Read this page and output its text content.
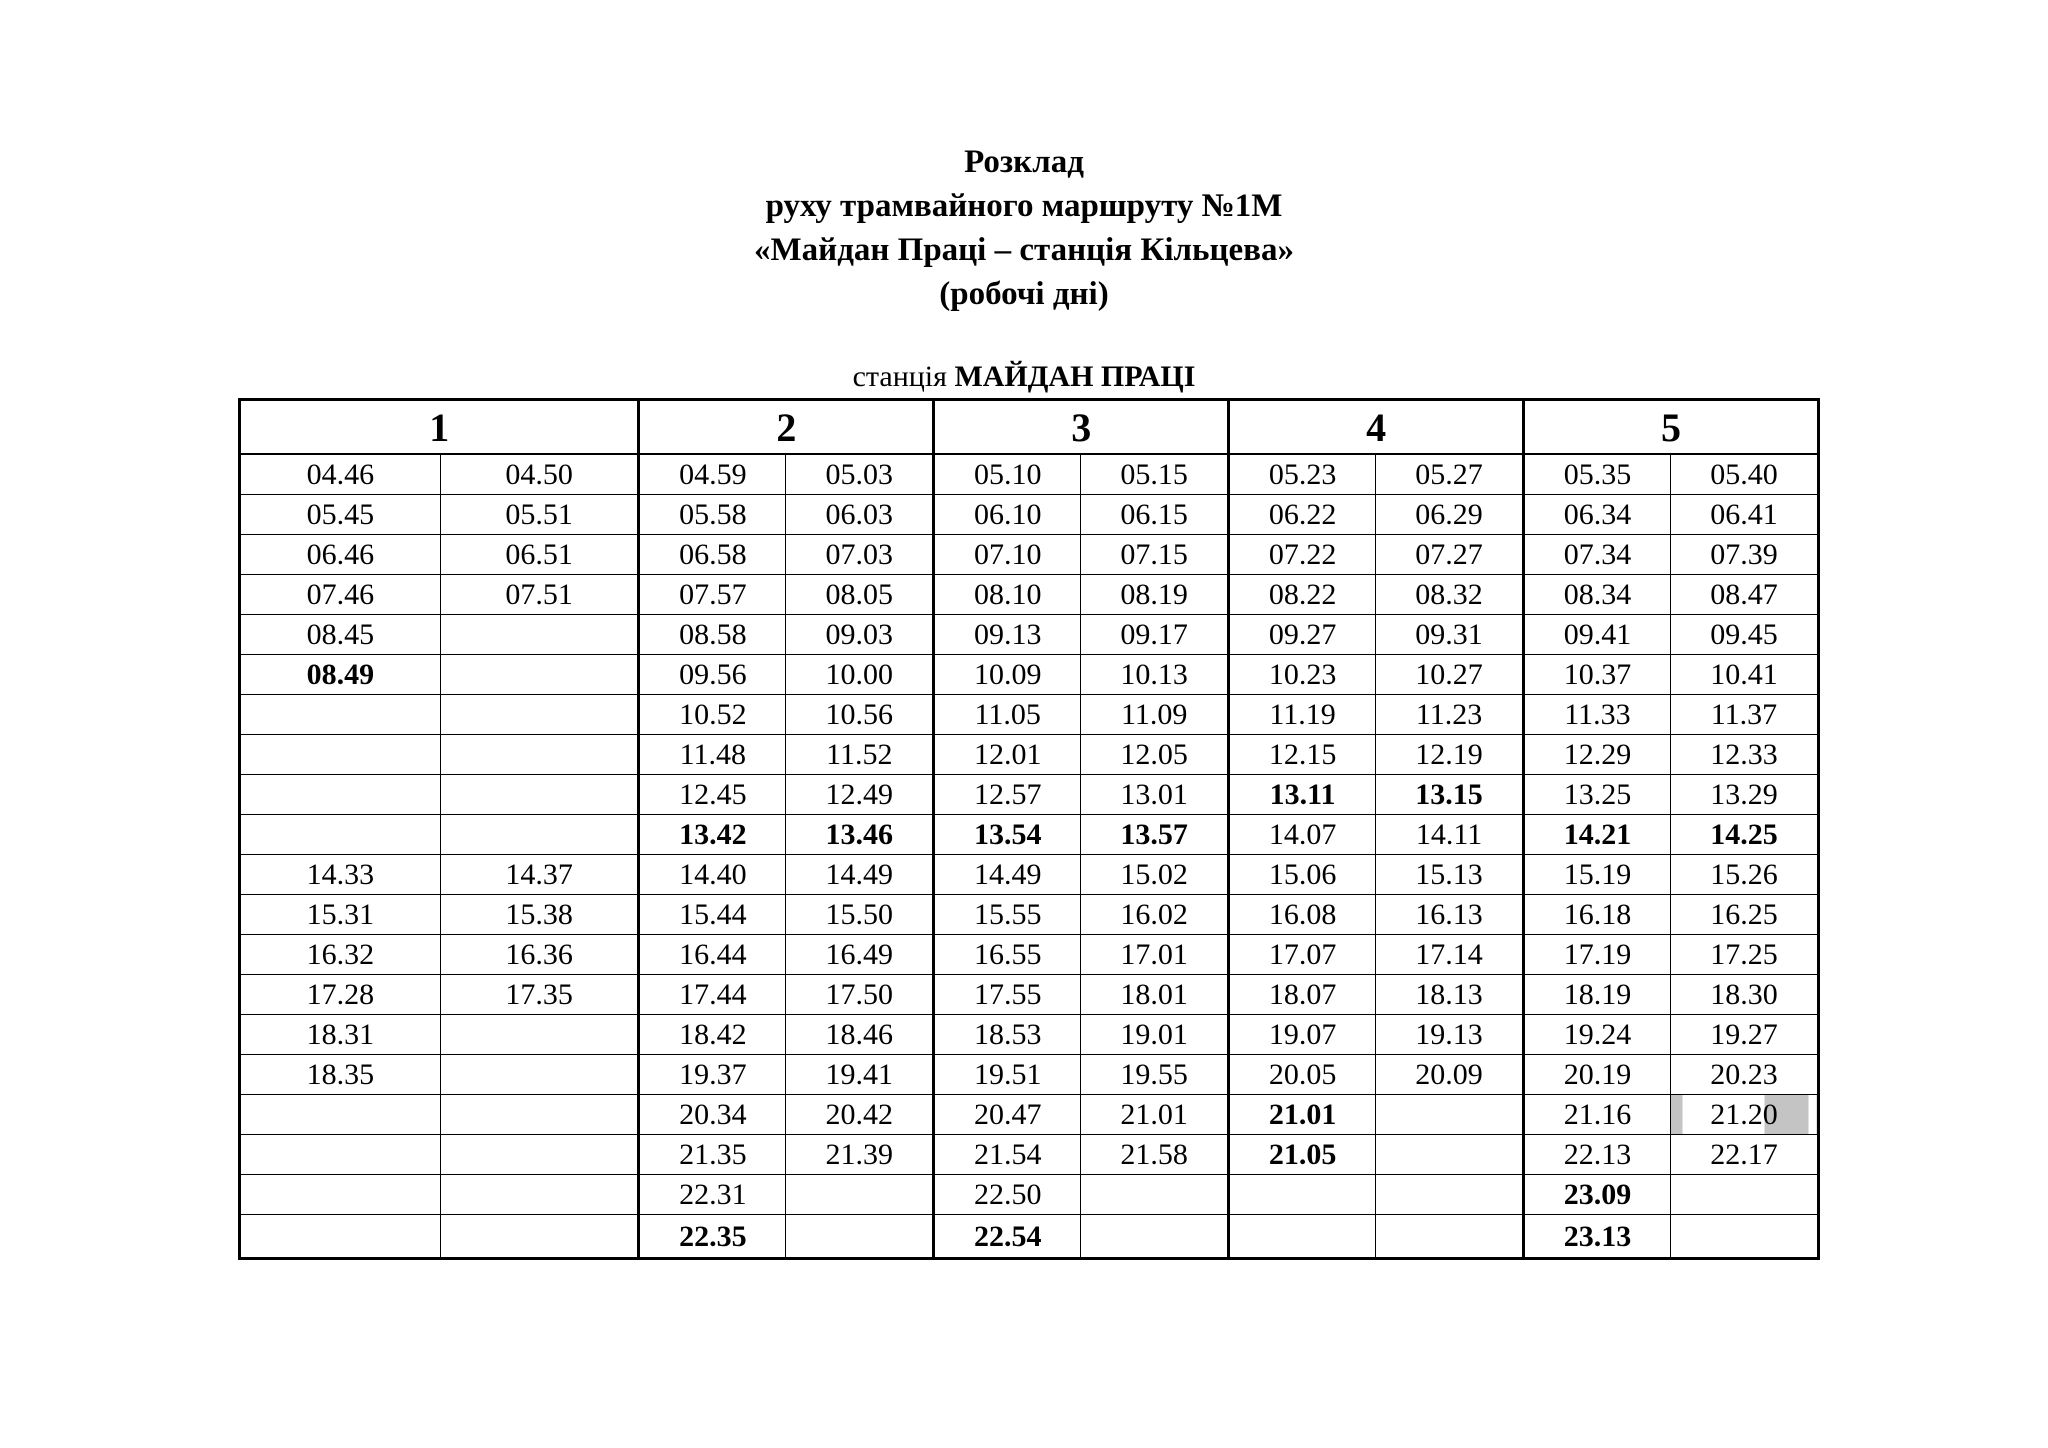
Розклад
руху трамвайного маршруту №1М
«Майдан Праці – станція Кільцева»
(робочі дні)
станція МАЙДАН ПРАЦІ
1		2		3		4		5	
04.46	04.50	04.59	05.03	05.10	05.15	05.23	05.27	05.35	05.40
05.45	05.51	05.58	06.03	06.10	06.15	06.22	06.29	06.34	06.41
06.46	06.51	06.58	07.03	07.10	07.15	07.22	07.27	07.34	07.39
07.46	07.51	07.57	08.05	08.10	08.19	08.22	08.32	08.34	08.47
08.45		08.58	09.03	09.13	09.17	09.27	09.31	09.41	09.45
08.49		09.56	10.00	10.09	10.13	10.23	10.27	10.37	10.41
		10.52	10.56	11.05	11.09	11.19	11.23	11.33	11.37
		11.48	11.52	12.01	12.05	12.15	12.19	12.29	12.33
		12.45	12.49	12.57	13.01	13.11	13.15	13.25	13.29
		13.42	13.46	13.54	13.57	14.07	14.11	14.21	14.25
14.33	14.37	14.40	14.49	14.49	15.02	15.06	15.13	15.19	15.26
15.31	15.38	15.44	15.50	15.55	16.02	16.08	16.13	16.18	16.25
16.32	16.36	16.44	16.49	16.55	17.01	17.07	17.14	17.19	17.25
17.28	17.35	17.44	17.50	17.55	18.01	18.07	18.13	18.19	18.30
18.31		18.42	18.46	18.53	19.01	19.07	19.13	19.24	19.27
18.35		19.37	19.41	19.51	19.55	20.05	20.09	20.19	20.23
		20.34	20.42	20.47	21.01	21.01		21.16	21.20
		21.35	21.39	21.54	21.58	21.05		22.13	22.17
		22.31		22.50				23.09	
		22.35		22.54				23.13	
